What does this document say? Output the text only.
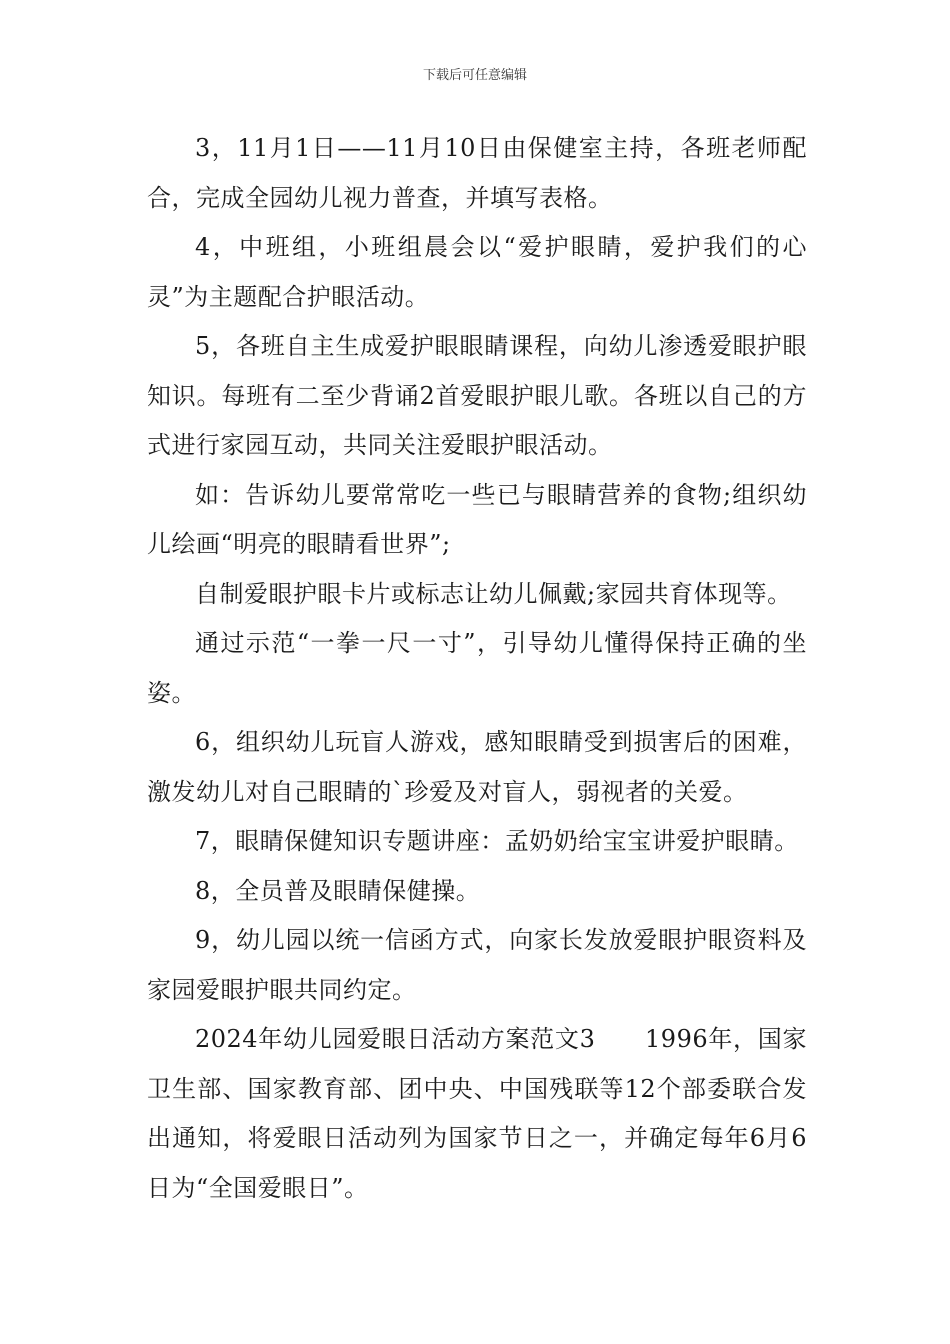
下载后可任意编辑

3，11月1日——11月10日由保健室主持，各班老师配合，完成全园幼儿视力普查，并填写表格。

4，中班组，小班组晨会以“爱护眼睛，爱护我们的心灵”为主题配合护眼活动。

5，各班自主生成爱护眼眼睛课程，向幼儿渗透爱眼护眼知识。每班有二至少背诵2首爱眼护眼儿歌。各班以自己的方式进行家园互动，共同关注爱眼护眼活动。

如：告诉幼儿要常常吃一些已与眼睛营养的食物;组织幼儿绘画“明亮的眼睛看世界”;

自制爱眼护眼卡片或标志让幼儿佩戴;家园共育体现等。

通过示范“一拳一尺一寸”，引导幼儿懂得保持正确的坐姿。

6，组织幼儿玩盲人游戏，感知眼睛受到损害后的困难，激发幼儿对自己眼睛的`珍爱及对盲人，弱视者的关爱。

7，眼睛保健知识专题讲座：孟奶奶给宝宝讲爱护眼睛。

8，全员普及眼睛保健操。

9，幼儿园以统一信函方式，向家长发放爱眼护眼资料及家园爱眼护眼共同约定。

2024年幼儿园爱眼日活动方案范文3　　1996年，国家卫生部、国家教育部、团中央、中国残联等12个部委联合发出通知，将爱眼日活动列为国家节日之一，并确定每年6月6日为“全国爱眼日”。
